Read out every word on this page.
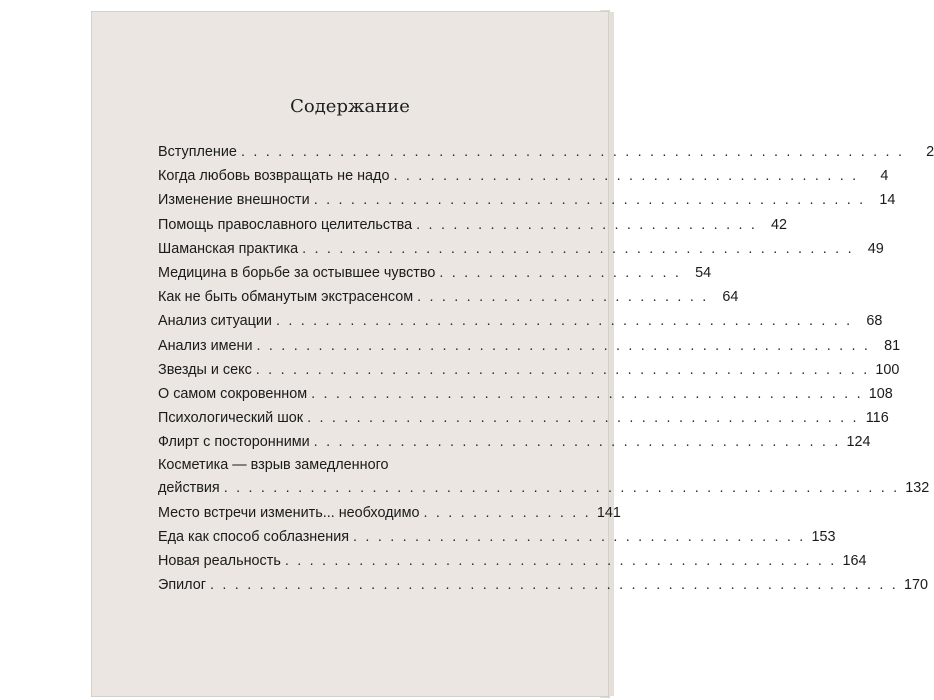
Содержание
Вступление . . . . . . . . . . . . . . . . . . . . . . . . . . . . . . . . . . . . . . . . . . . . . . . . . . . . . .	2
Когда любовь возвращать не надо . . . . . . . . . . . . . . . . . . . . . . . . . . . . . . . . . . . . . .	4
Изменение внешности . . . . . . . . . . . . . . . . . . . . . . . . . . . . . . . . . . . . . . . . . . . . . 14
Помощь православного целительства . . . . . . . . . . . . . . . . . . . . . . . . . . . . 42
Шаманская практика . . . . . . . . . . . . . . . . . . . . . . . . . . . . . . . . . . . . . . . . . . . . . 49
Медицина в борьбе за остывшее чувство . . . . . . . . . . . . . . . . . . . . 54
Как не быть обманутым экстрасенсом . . . . . . . . . . . . . . . . . . . . . . . . 64
Анализ ситуации . . . . . . . . . . . . . . . . . . . . . . . . . . . . . . . . . . . . . . . . . . . . . . . 68
Анализ имени . . . . . . . . . . . . . . . . . . . . . . . . . . . . . . . . . . . . . . . . . . . . . . . . . . 81
Звезды и секс . . . . . . . . . . . . . . . . . . . . . . . . . . . . . . . . . . . . . . . . . . . . . . . . . . 100
О самом сокровенном . . . . . . . . . . . . . . . . . . . . . . . . . . . . . . . . . . . . . . . . . . . . . 108
Психологический шок . . . . . . . . . . . . . . . . . . . . . . . . . . . . . . . . . . . . . . . . . . . . . 116
Флирт с посторонними . . . . . . . . . . . . . . . . . . . . . . . . . . . . . . . . . . . . . . . . . . . 124
Косметика — взрыв замедленного
действия . . . . . . . . . . . . . . . . . . . . . . . . . . . . . . . . . . . . . . . . . . . . . . . . . . . . . . . 132
Место встречи изменить... необходимо . . . . . . . . . . . . . . 141
Еда как способ соблазнения . . . . . . . . . . . . . . . . . . . . . . . . . . . . . . . . . . . . . 153
Новая реальность . . . . . . . . . . . . . . . . . . . . . . . . . . . . . . . . . . . . . . . . . . . . . 164
Эпилог . . . . . . . . . . . . . . . . . . . . . . . . . . . . . . . . . . . . . . . . . . . . . . . . . . . . . . . . 170
